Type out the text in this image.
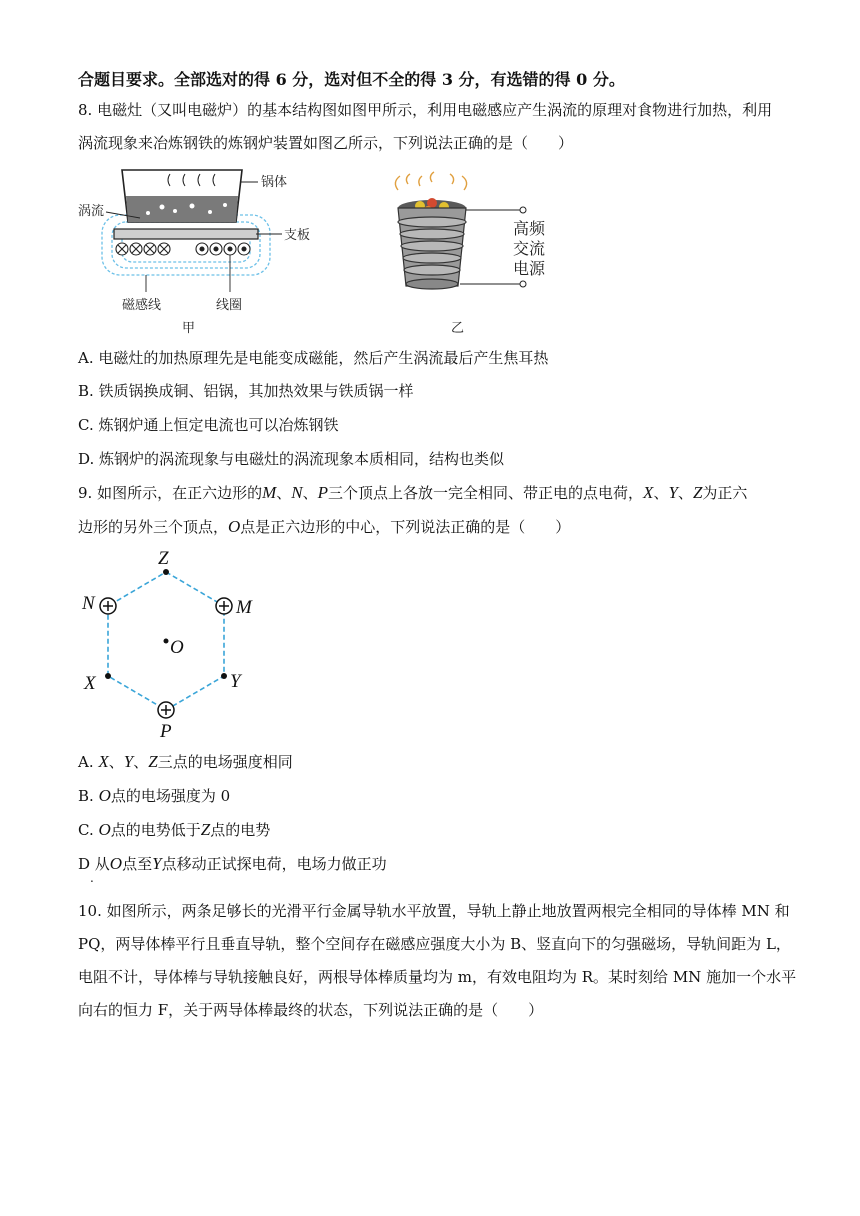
合题目要求。全部选对的得 6 分，选对但不全的得 3 分，有选错的得 0 分。
8. 电磁灶（又叫电磁炉）的基本结构图如图甲所示，利用电磁感应产生涡流的原理对食物进行加热，利用
涡流现象来冶炼钢铁的炼钢炉装置如图乙所示，下列说法正确的是（　　）
锅体
涡流
支板
磁感线	线圈
甲
高频
交流
电源
乙
A. 电磁灶的加热原理先是电能变成磁能，然后产生涡流最后产生焦耳热
B. 铁质锅换成铜、铝锅，其加热效果与铁质锅一样
C. 炼钢炉通上恒定电流也可以冶炼钢铁
D. 炼钢炉的涡流现象与电磁灶的涡流现象本质相同，结构也类似
9. 如图所示，在正六边形的M、N、P三个顶点上各放一完全相同、带正电的点电荷，X、Y、Z为正六
边形的另外三个顶点，O点是正六边形的中心，下列说法正确的是（　　）
Z
M
N
O
X	Y
P
A. X、Y、Z三点的电场强度相同
B. O点的电场强度为 0
C. O点的电势低于Z点的电势
D 从O点至Y点移动正试探电荷，电场力做正功
.
10. 如图所示，两条足够长的光滑平行金属导轨水平放置，导轨上静止地放置两根完全相同的导体棒 MN 和
PQ，两导体棒平行且垂直导轨，整个空间存在磁感应强度大小为 B、竖直向下的匀强磁场，导轨间距为 L，
电阻不计，导体棒与导轨接触良好，两根导体棒质量均为 m，有效电阻均为 R。某时刻给 MN 施加一个水平
向右的恒力 F，关于两导体棒最终的状态，下列说法正确的是（　　）
